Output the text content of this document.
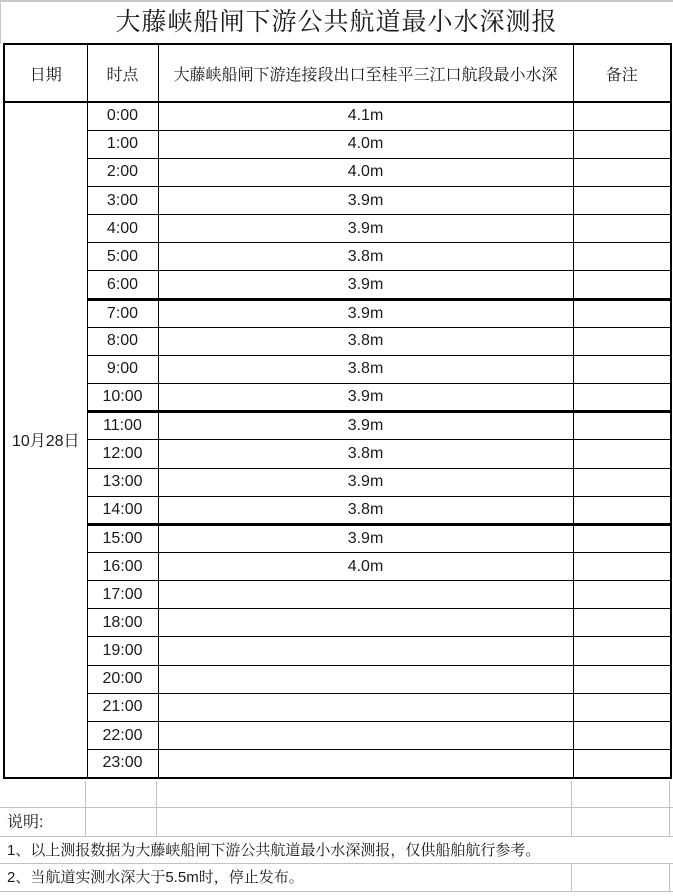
大藤峡船闸下游公共航道最小水深测报
日期	时点	大藤峡船闸下游连接段出口至桂平三江口航段最小水深	备注
10月28日	0:00	4.1m	
	1:00	4.0m	
	2:00	4.0m	
	3:00	3.9m	
	4:00	3.9m	
	5:00	3.8m	
	6:00	3.9m	
	7:00	3.9m	
	8:00	3.8m	
	9:00	3.8m	
	10:00	3.9m	
	11:00	3.9m	
	12:00	3.8m	
	13:00	3.9m	
	14:00	3.8m	
	15:00	3.9m	
	16:00	4.0m	
	17:00		
	18:00		
	19:00		
	20:00		
	21:00		
	22:00		
	23:00		
说明:
1、以上测报数据为大藤峡船闸下游公共航道最小水深测报，仅供船舶航行参考。
2、当航道实测水深大于5.5m时，停止发布。
